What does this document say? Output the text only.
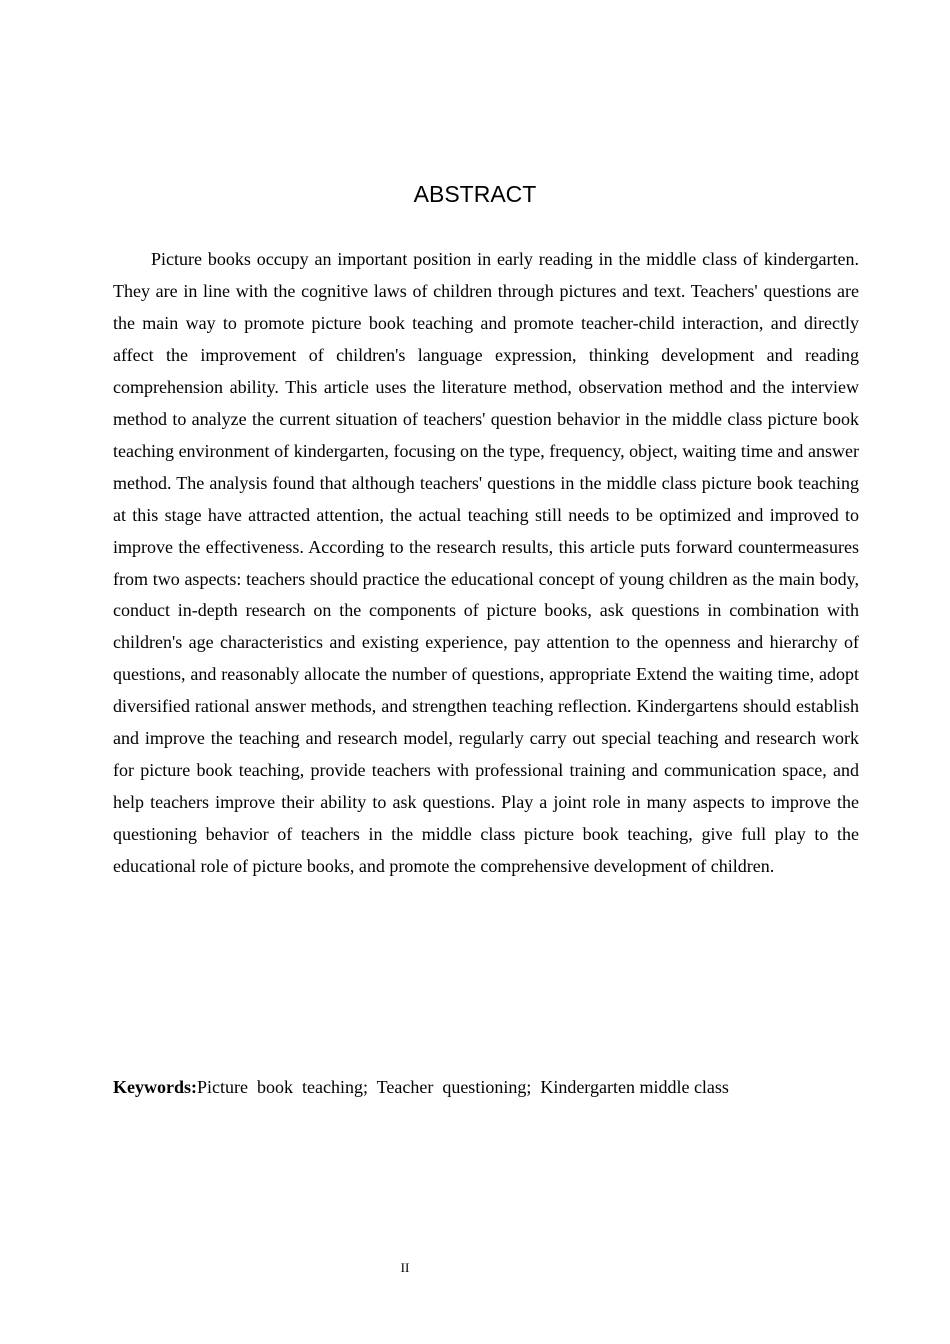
ABSTRACT

Picture books occupy an important position in early reading in the middle class of kindergarten. They are in line with the cognitive laws of children through pictures and text. Teachers' questions are the main way to promote picture book teaching and promote teacher-child interaction, and directly affect the improvement of children's language expression, thinking development and reading comprehension ability. This article uses the literature method, observation method and the interview method to analyze the current situation of teachers' question behavior in the middle class picture book teaching environment of kindergarten, focusing on the type, frequency, object, waiting time and answer method. The analysis found that although teachers' questions in the middle class picture book teaching at this stage have attracted attention, the actual teaching still needs to be optimized and improved to improve the effectiveness. According to the research results, this article puts forward countermeasures from two aspects: teachers should practice the educational concept of young children as the main body, conduct in-depth research on the components of picture books, ask questions in combination with children's age characteristics and existing experience, pay attention to the openness and hierarchy of questions, and reasonably allocate the number of questions, appropriate Extend the waiting time, adopt diversified rational answer methods, and strengthen teaching reflection. Kindergartens should establish and improve the teaching and research model, regularly carry out special teaching and research work for picture book teaching, provide teachers with professional training and communication space, and help teachers improve their ability to ask questions. Play a joint role in many aspects to improve the questioning behavior of teachers in the middle class picture book teaching, give full play to the educational role of picture books, and promote the comprehensive development of children.

Keywords:Picture  book  teaching;  Teacher  questioning;  Kindergarten middle class

II
